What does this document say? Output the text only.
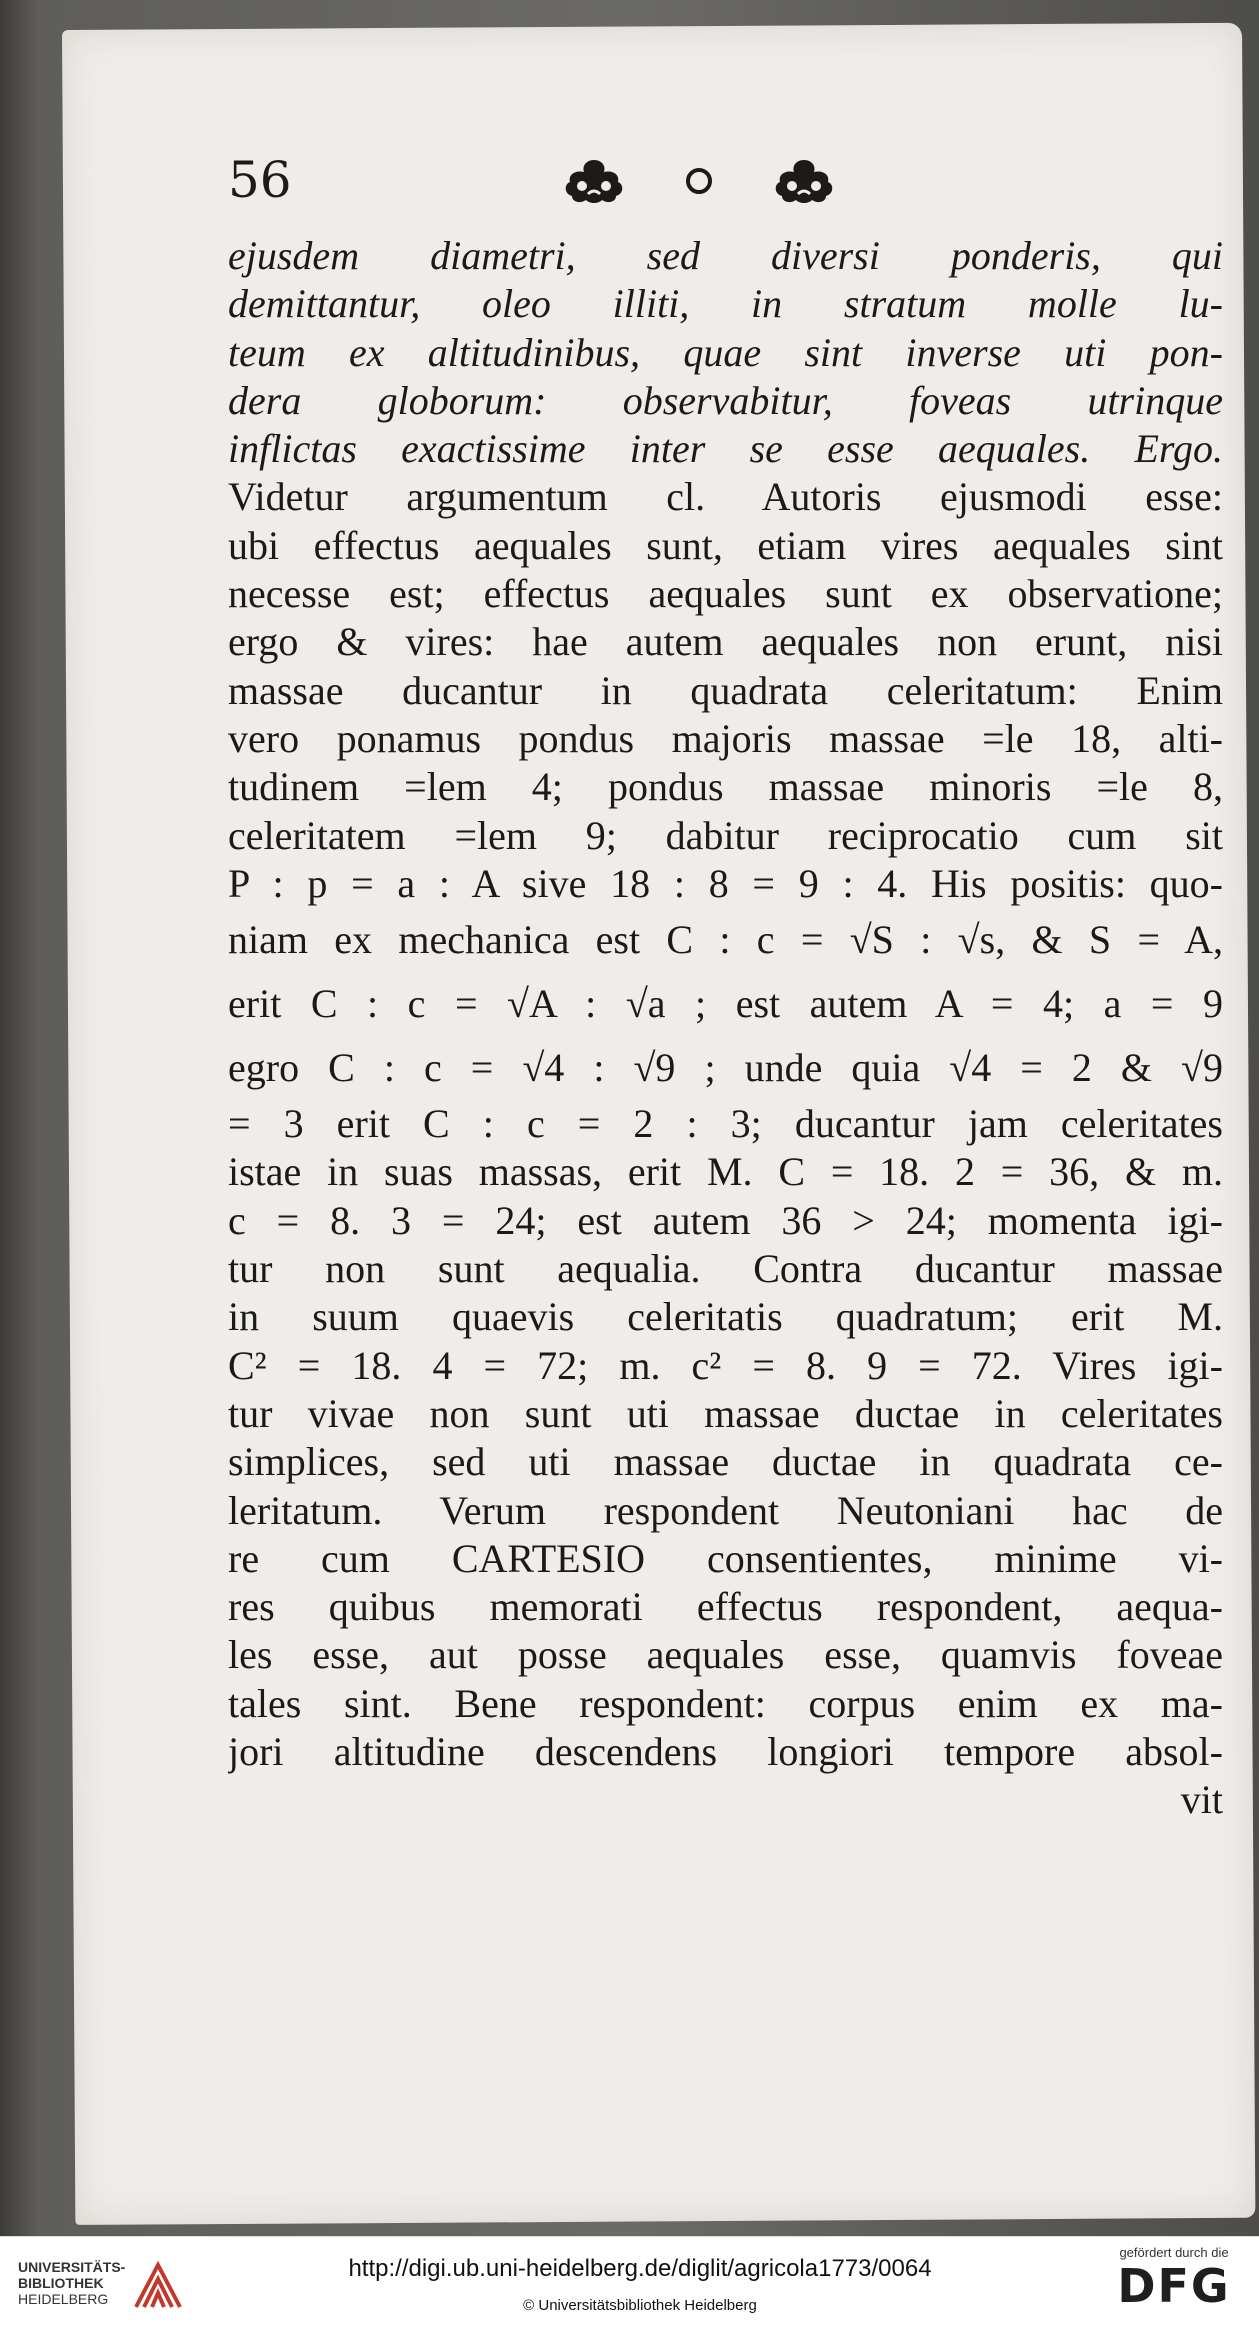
56
ejusdem diametri, sed diversi ponderis, qui
demittantur, oleo illiti, in stratum molle lu-
teum ex altitudinibus, quae sint inverse uti pon-
dera globorum: observabitur, foveas utrinque
inflictas exactissime inter se esse aequales. Ergo.
Videtur argumentum cl. Autoris ejusmodi esse:
ubi effectus aequales sunt, etiam vires aequales sint
necesse est; effectus aequales sunt ex observatione;
ergo & vires: hae autem aequales non erunt, nisi
massae ducantur in quadrata celeritatum: Enim
vero ponamus pondus majoris massae =le 18, alti-
tudinem =lem 4; pondus massae minoris =le 8,
celeritatem =lem 9; dabitur reciprocatio cum sit
P : p = a : A sive 18 : 8 = 9 : 4. His positis: quo-
niam ex mechanica est C : c = √S : √s, & S = A,
erit C : c = √A : √a ; est autem A = 4; a = 9
egro C : c = √4 : √9 ; unde quia √4 = 2 & √9
= 3 erit C : c = 2 : 3; ducantur jam celeritates
istae in suas massas, erit M. C = 18. 2 = 36, & m.
c = 8. 3 = 24; est autem 36 > 24; momenta igi-
tur non sunt aequalia. Contra ducantur massae
in suum quaevis celeritatis quadratum; erit M.
C² = 18. 4 = 72; m. c² = 8. 9 = 72. Vires igi-
tur vivae non sunt uti massae ductae in celeritates
simplices, sed uti massae ductae in quadrata ce-
leritatum. Verum respondent Neutoniani hac de
re cum CARTESIO consentientes, minime vi-
res quibus memorati effectus respondent, aequa-
les esse, aut posse aequales esse, quamvis foveae
tales sint. Bene respondent: corpus enim ex ma-
jori altitudine descendens longiori tempore absol-
vit
UNIVERSITÄTS-
BIBLIOTHEK
HEIDELBERG
http://digi.ub.uni-heidelberg.de/diglit/agricola1773/0064
© Universitätsbibliothek Heidelberg
gefördert durch die
DFG
